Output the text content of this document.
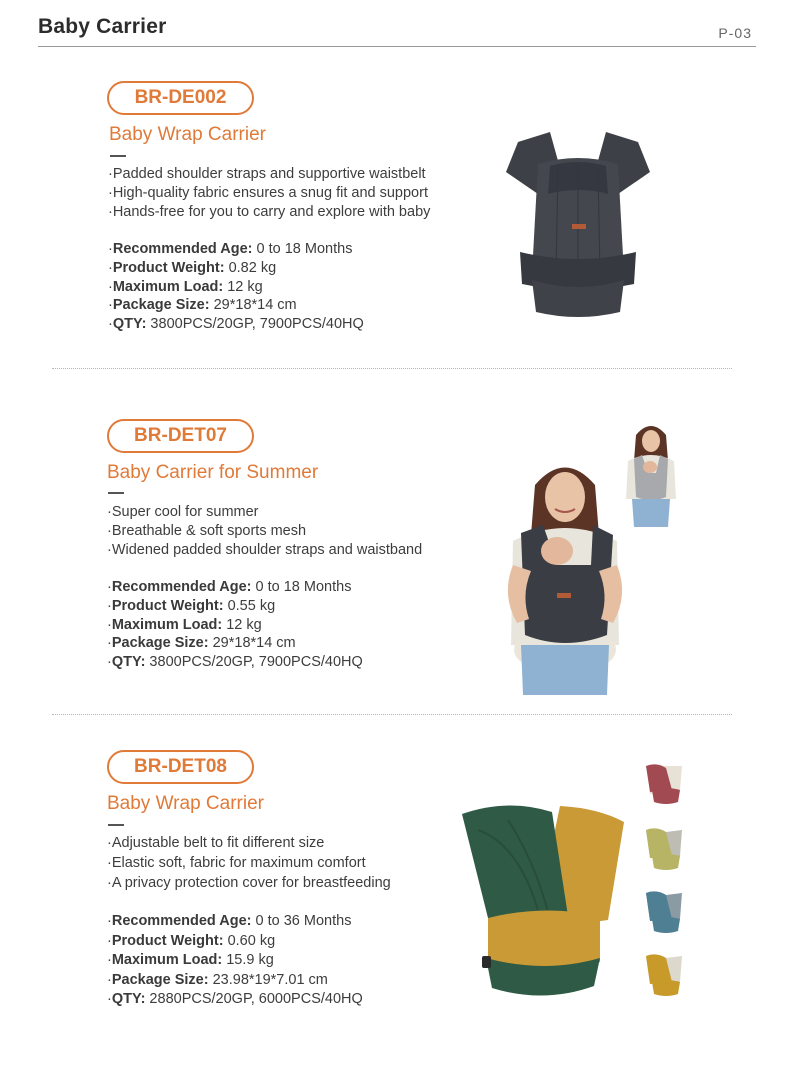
Baby Carrier	P-03
BR-DE002
Baby Wrap Carrier
·Padded shoulder straps and supportive waistbelt
·High-quality fabric ensures a snug fit and support
·Hands-free for you to carry and explore with baby
·Recommended Age: 0 to 18 Months
·Product Weight: 0.82 kg
·Maximum Load: 12 kg
·Package Size: 29*18*14 cm
·QTY: 3800PCS/20GP, 7900PCS/40HQ
BR-DET07
Baby Carrier for Summer
·Super cool for summer
·Breathable & soft sports mesh
·Widened padded shoulder straps and waistband
·Recommended Age: 0 to 18 Months
·Product Weight: 0.55 kg
·Maximum Load: 12 kg
·Package Size: 29*18*14 cm
·QTY: 3800PCS/20GP, 7900PCS/40HQ
BR-DET08
Baby Wrap Carrier
·Adjustable belt to fit different size
·Elastic soft, fabric for maximum comfort
·A privacy protection cover for breastfeeding
·Recommended Age: 0 to 36 Months
·Product Weight: 0.60 kg
·Maximum Load: 15.9 kg
·Package Size: 23.98*19*7.01 cm
·QTY: 2880PCS/20GP, 6000PCS/40HQ
